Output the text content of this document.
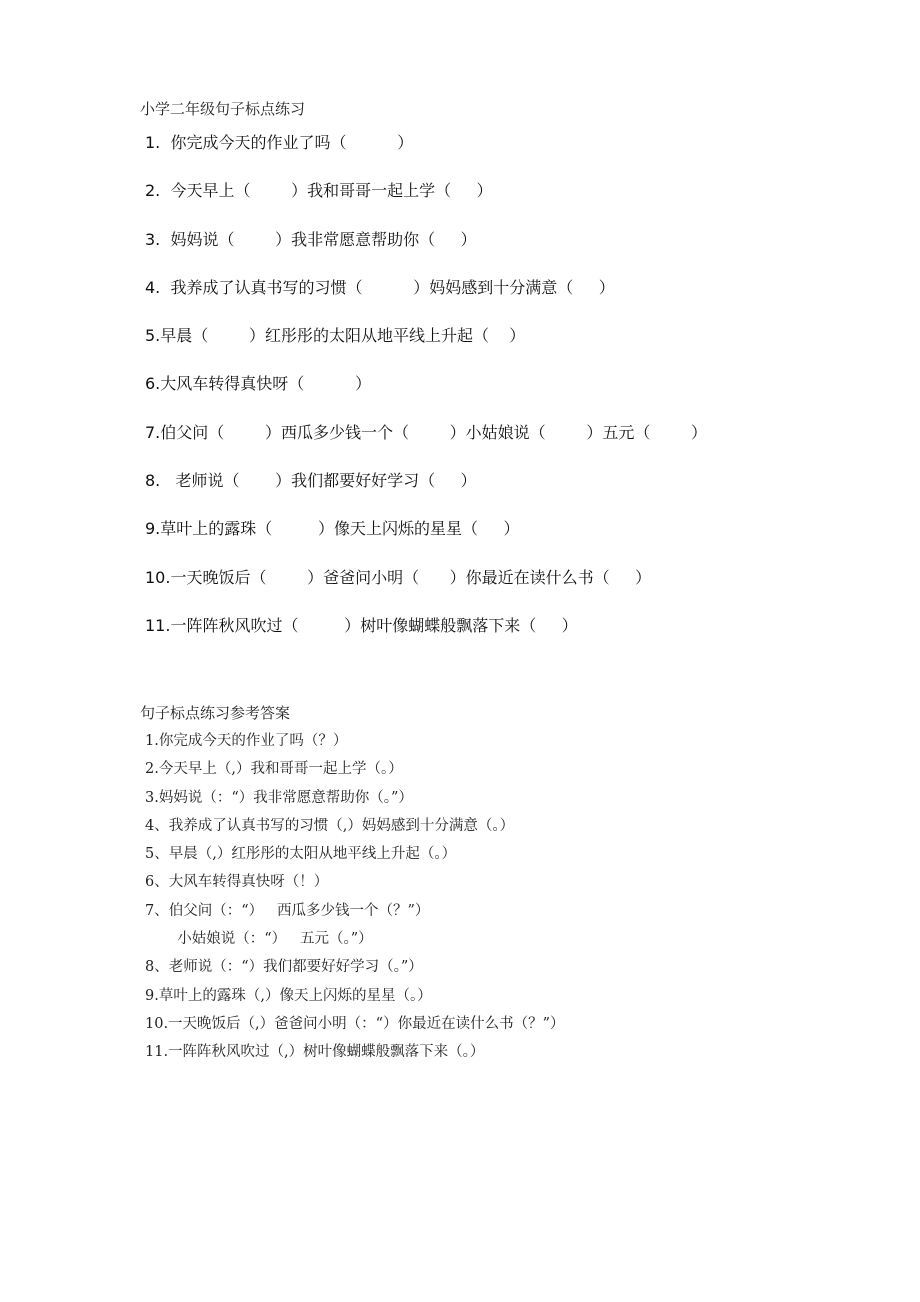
小学二年级句子标点练习
1.  你完成今天的作业了吗（          ）
2.  今天早上（        ）我和哥哥一起上学（     ）
3.  妈妈说（        ）我非常愿意帮助你（     ）
4.  我养成了认真书写的习惯（          ）妈妈感到十分满意（     ）
5.早晨（        ）红彤彤的太阳从地平线上升起（    ）
6.大风车转得真快呀（          ）
7.伯父问（        ）西瓜多少钱一个（        ）小姑娘说（        ）五元（        ）
8.   老师说（       ）我们都要好好学习（     ）
9.草叶上的露珠（         ）像天上闪烁的星星（     ）
10.一天晚饭后（        ）爸爸问小明（      ）你最近在读什么书（     ）
11.一阵阵秋风吹过（         ）树叶像蝴蝶般飘落下来（     ）
句子标点练习参考答案
1.你完成今天的作业了吗（？）
2.今天早上（,）我和哥哥一起上学（。）
3.妈妈说（：“）我非常愿意帮助你（。”）
4、我养成了认真书写的习惯（,）妈妈感到十分满意（。）
5、早晨（,）红彤彤的太阳从地平线上升起（。）
6、大风车转得真快呀（！）
7、伯父问（：“）   西瓜多少钱一个（？”）
小姑娘说（：“）   五元（。”）
8、老师说（：“）我们都要好好学习（。”）
9.草叶上的露珠（,）像天上闪烁的星星（。）
10.一天晚饭后（,）爸爸问小明（：“）你最近在读什么书（？”）
11.一阵阵秋风吹过（,）树叶像蝴蝶般飘落下来（。）
